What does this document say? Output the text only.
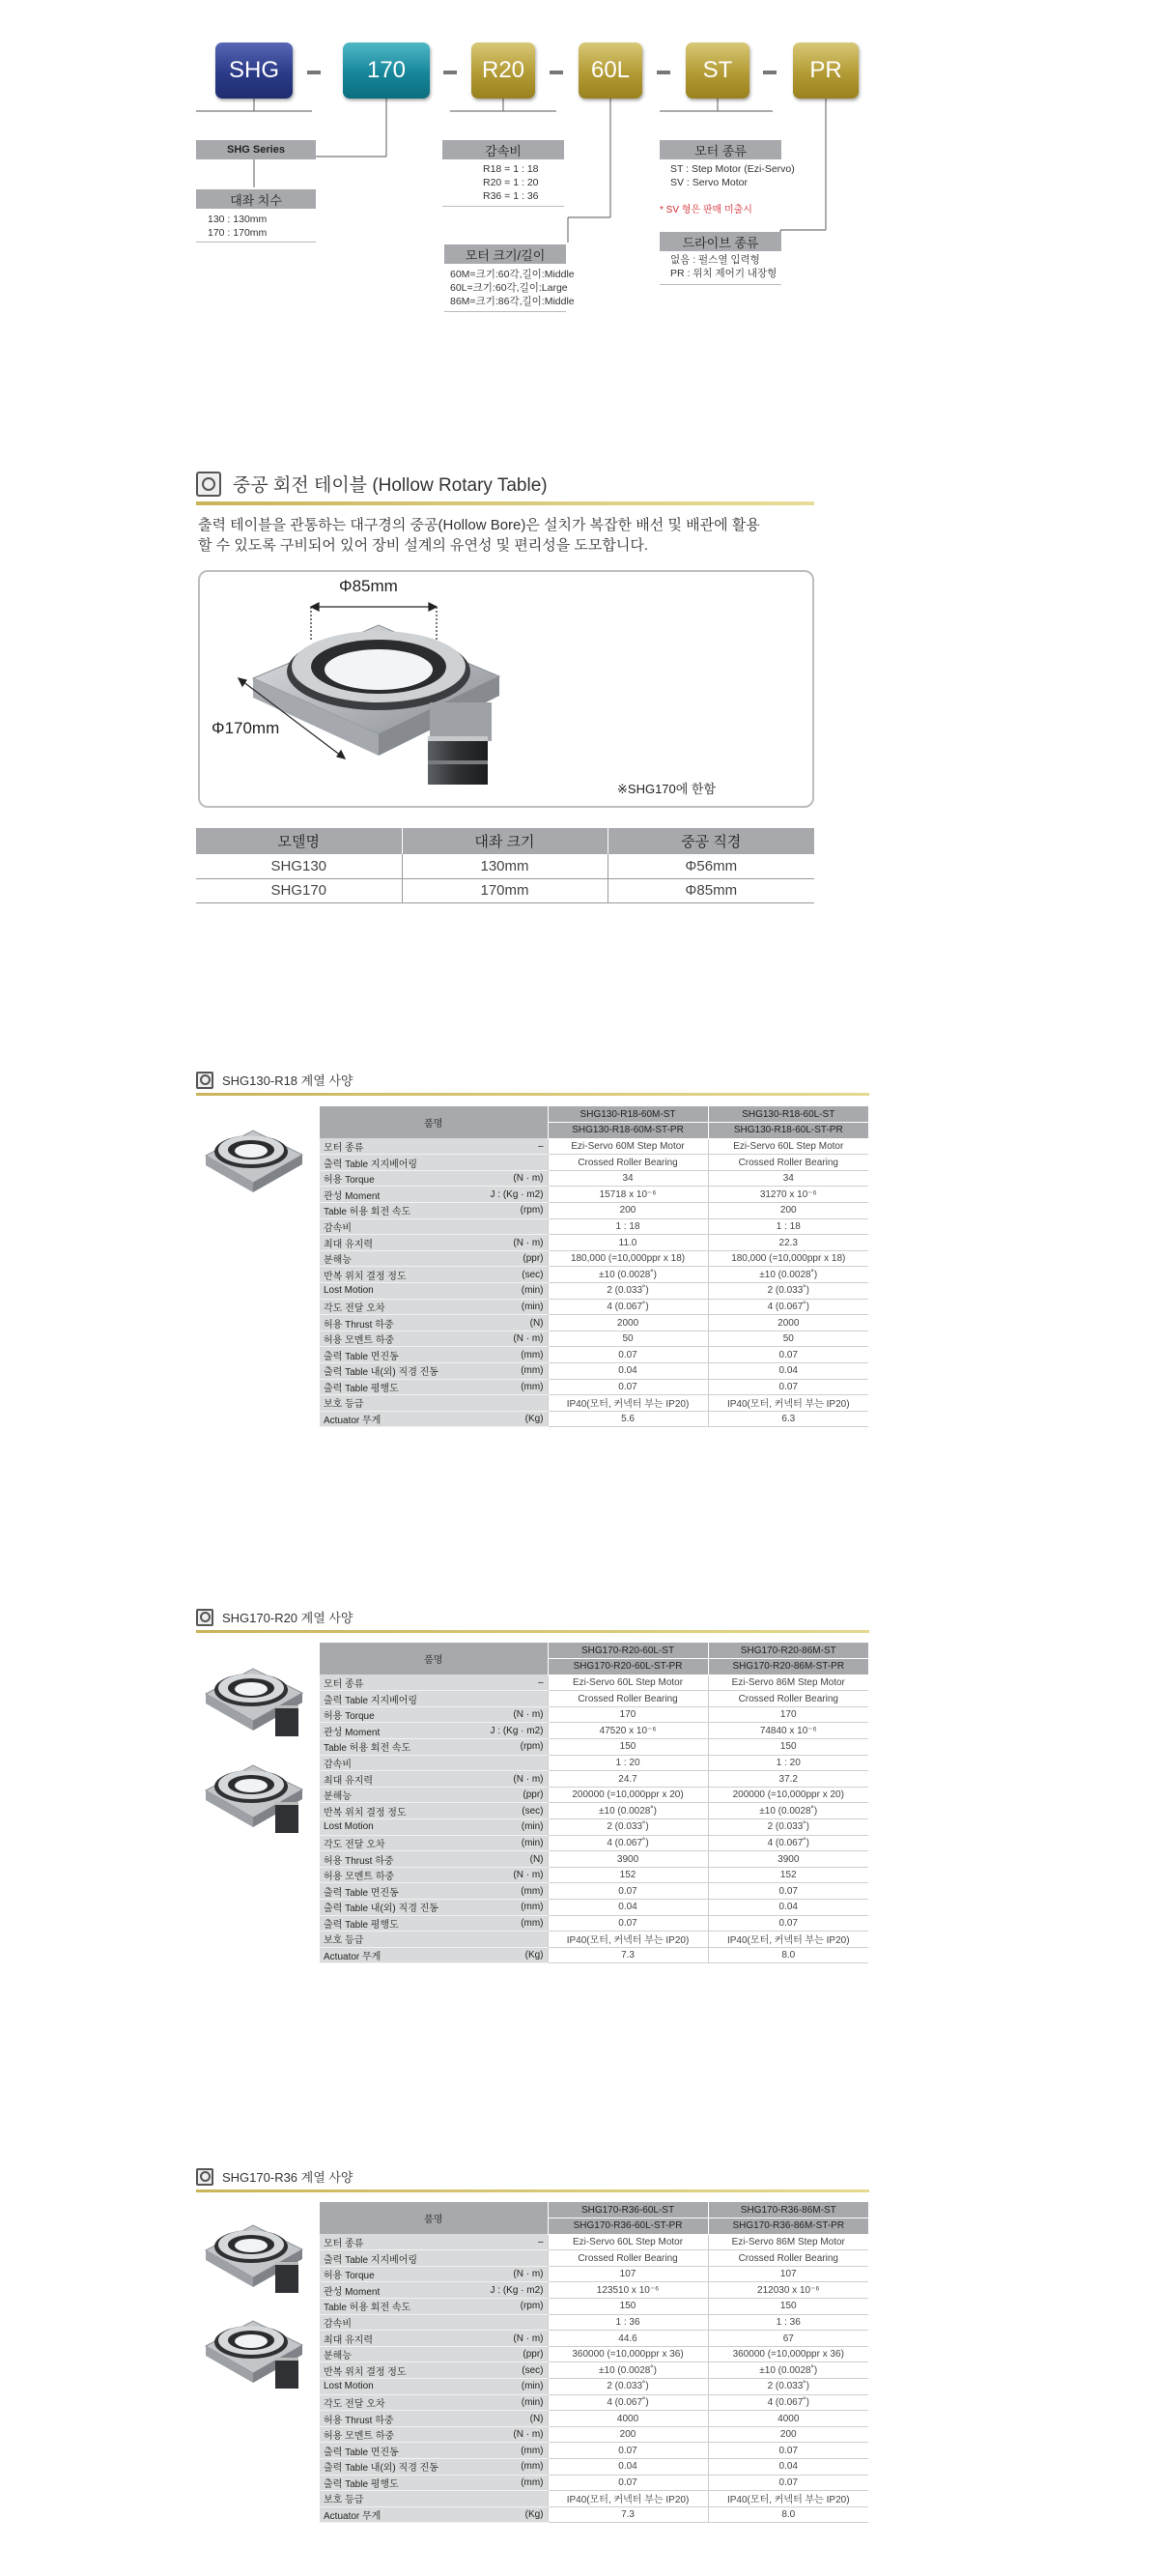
SHG	170	R20	60L	ST	PR
SHG Series
대좌 치수
130 : 130mm
170 : 170mm
감속비
R18 = 1 : 18
R20 = 1 : 20
R36 = 1 : 36
모터 크기/길이
60M=크기:60각,길이:Middle
60L=크기:60각,길이:Large
86M=크기:86각,길이:Middle
모터 종류
ST : Step Motor (Ezi-Servo)
SV : Servo Motor
* SV 형은 판매 미출시
드라이브 종류
없음 : 펄스열 입력형
PR : 위치 제어기 내장형
중공 회전 테이블 (Hollow Rotary Table)
출력 테이블을 관통하는 대구경의 중공(Hollow Bore)은 설치가 복잡한 배선 및 배관에 활용
할 수 있도록 구비되어 있어 장비 설계의 유연성 및 편리성을 도모합니다.
Φ85mm
Φ170mm
※SHG170에 한함
모델명	대좌 크기	중공 직경
SHG130	130mm	Φ56mm
SHG170	170mm	Φ85mm
SHG130-R18 계열 사양
품명		SHG130-R18-60M-ST	SHG130-R18-60L-ST
		SHG130-R18-60M-ST-PR	SHG130-R18-60L-ST-PR
모터 종류	–	Ezi-Servo 60M Step Motor	Ezi-Servo 60L Step Motor
출력 Table 지지베어링		Crossed Roller Bearing	Crossed Roller Bearing
허용 Torque	(N · m)	34	34
관성 Moment	J : (Kg · m2)	15718 x 10⁻⁶	31270 x 10⁻⁶
Table 허용 회전 속도	(rpm)	200	200
감속비		1 : 18	1 : 18
최대 유지력	(N · m)	11.0	22.3
분해능	(ppr)	180,000 (=10,000ppr x 18)	180,000 (=10,000ppr x 18)
반복 위치 결정 정도	(sec)	±10 (0.0028˚)	±10 (0.0028˚)
Lost Motion	(min)	2 (0.033˚)	2 (0.033˚)
각도 전달 오차	(min)	4 (0.067˚)	4 (0.067˚)
허용 Thrust 하중	(N)	2000	2000
허용 모멘트 하중	(N · m)	50	50
출력 Table 면진동	(mm)	0.07	0.07
출력 Table 내(외) 직경 진동	(mm)	0.04	0.04
출력 Table 평행도	(mm)	0.07	0.07
보호 등급		IP40(모터, 커넥터 부는 IP20)	IP40(모터, 커넥터 부는 IP20)
Actuator 무게	(Kg)	5.6	6.3
SHG170-R20 계열 사양
품명		SHG170-R20-60L-ST	SHG170-R20-86M-ST
		SHG170-R20-60L-ST-PR	SHG170-R20-86M-ST-PR
모터 종류	–	Ezi-Servo 60L Step Motor	Ezi-Servo 86M Step Motor
출력 Table 지지베어링		Crossed Roller Bearing	Crossed Roller Bearing
허용 Torque	(N · m)	170	170
관성 Moment	J : (Kg · m2)	47520 x 10⁻⁶	74840 x 10⁻⁶
Table 허용 회전 속도	(rpm)	150	150
감속비		1 : 20	1 : 20
최대 유지력	(N · m)	24.7	37.2
분해능	(ppr)	200000 (=10,000ppr x 20)	200000 (=10,000ppr x 20)
반복 위치 결정 정도	(sec)	±10 (0.0028˚)	±10 (0.0028˚)
Lost Motion	(min)	2 (0.033˚)	2 (0.033˚)
각도 전달 오차	(min)	4 (0.067˚)	4 (0.067˚)
허용 Thrust 하중	(N)	3900	3900
허용 모멘트 하중	(N · m)	152	152
출력 Table 면진동	(mm)	0.07	0.07
출력 Table 내(외) 직경 진동	(mm)	0.04	0.04
출력 Table 평행도	(mm)	0.07	0.07
보호 등급		IP40(모터, 커넥터 부는 IP20)	IP40(모터, 커넥터 부는 IP20)
Actuator 무게	(Kg)	7.3	8.0
SHG170-R36 계열 사양
품명		SHG170-R36-60L-ST	SHG170-R36-86M-ST
		SHG170-R36-60L-ST-PR	SHG170-R36-86M-ST-PR
모터 종류	–	Ezi-Servo 60L Step Motor	Ezi-Servo 86M Step Motor
출력 Table 지지베어링		Crossed Roller Bearing	Crossed Roller Bearing
허용 Torque	(N · m)	107	107
관성 Moment	J : (Kg · m2)	123510 x 10⁻⁶	212030 x 10⁻⁶
Table 허용 회전 속도	(rpm)	150	150
감속비		1 : 36	1 : 36
최대 유지력	(N · m)	44.6	67
분해능	(ppr)	360000 (=10,000ppr x 36)	360000 (=10,000ppr x 36)
반복 위치 결정 정도	(sec)	±10 (0.0028˚)	±10 (0.0028˚)
Lost Motion	(min)	2 (0.033˚)	2 (0.033˚)
각도 전달 오차	(min)	4 (0.067˚)	4 (0.067˚)
허용 Thrust 하중	(N)	4000	4000
허용 모멘트 하중	(N · m)	200	200
출력 Table 면진동	(mm)	0.07	0.07
출력 Table 내(외) 직경 진동	(mm)	0.04	0.04
출력 Table 평행도	(mm)	0.07	0.07
보호 등급		IP40(모터, 커넥터 부는 IP20)	IP40(모터, 커넥터 부는 IP20)
Actuator 무게	(Kg)	7.3	8.0
